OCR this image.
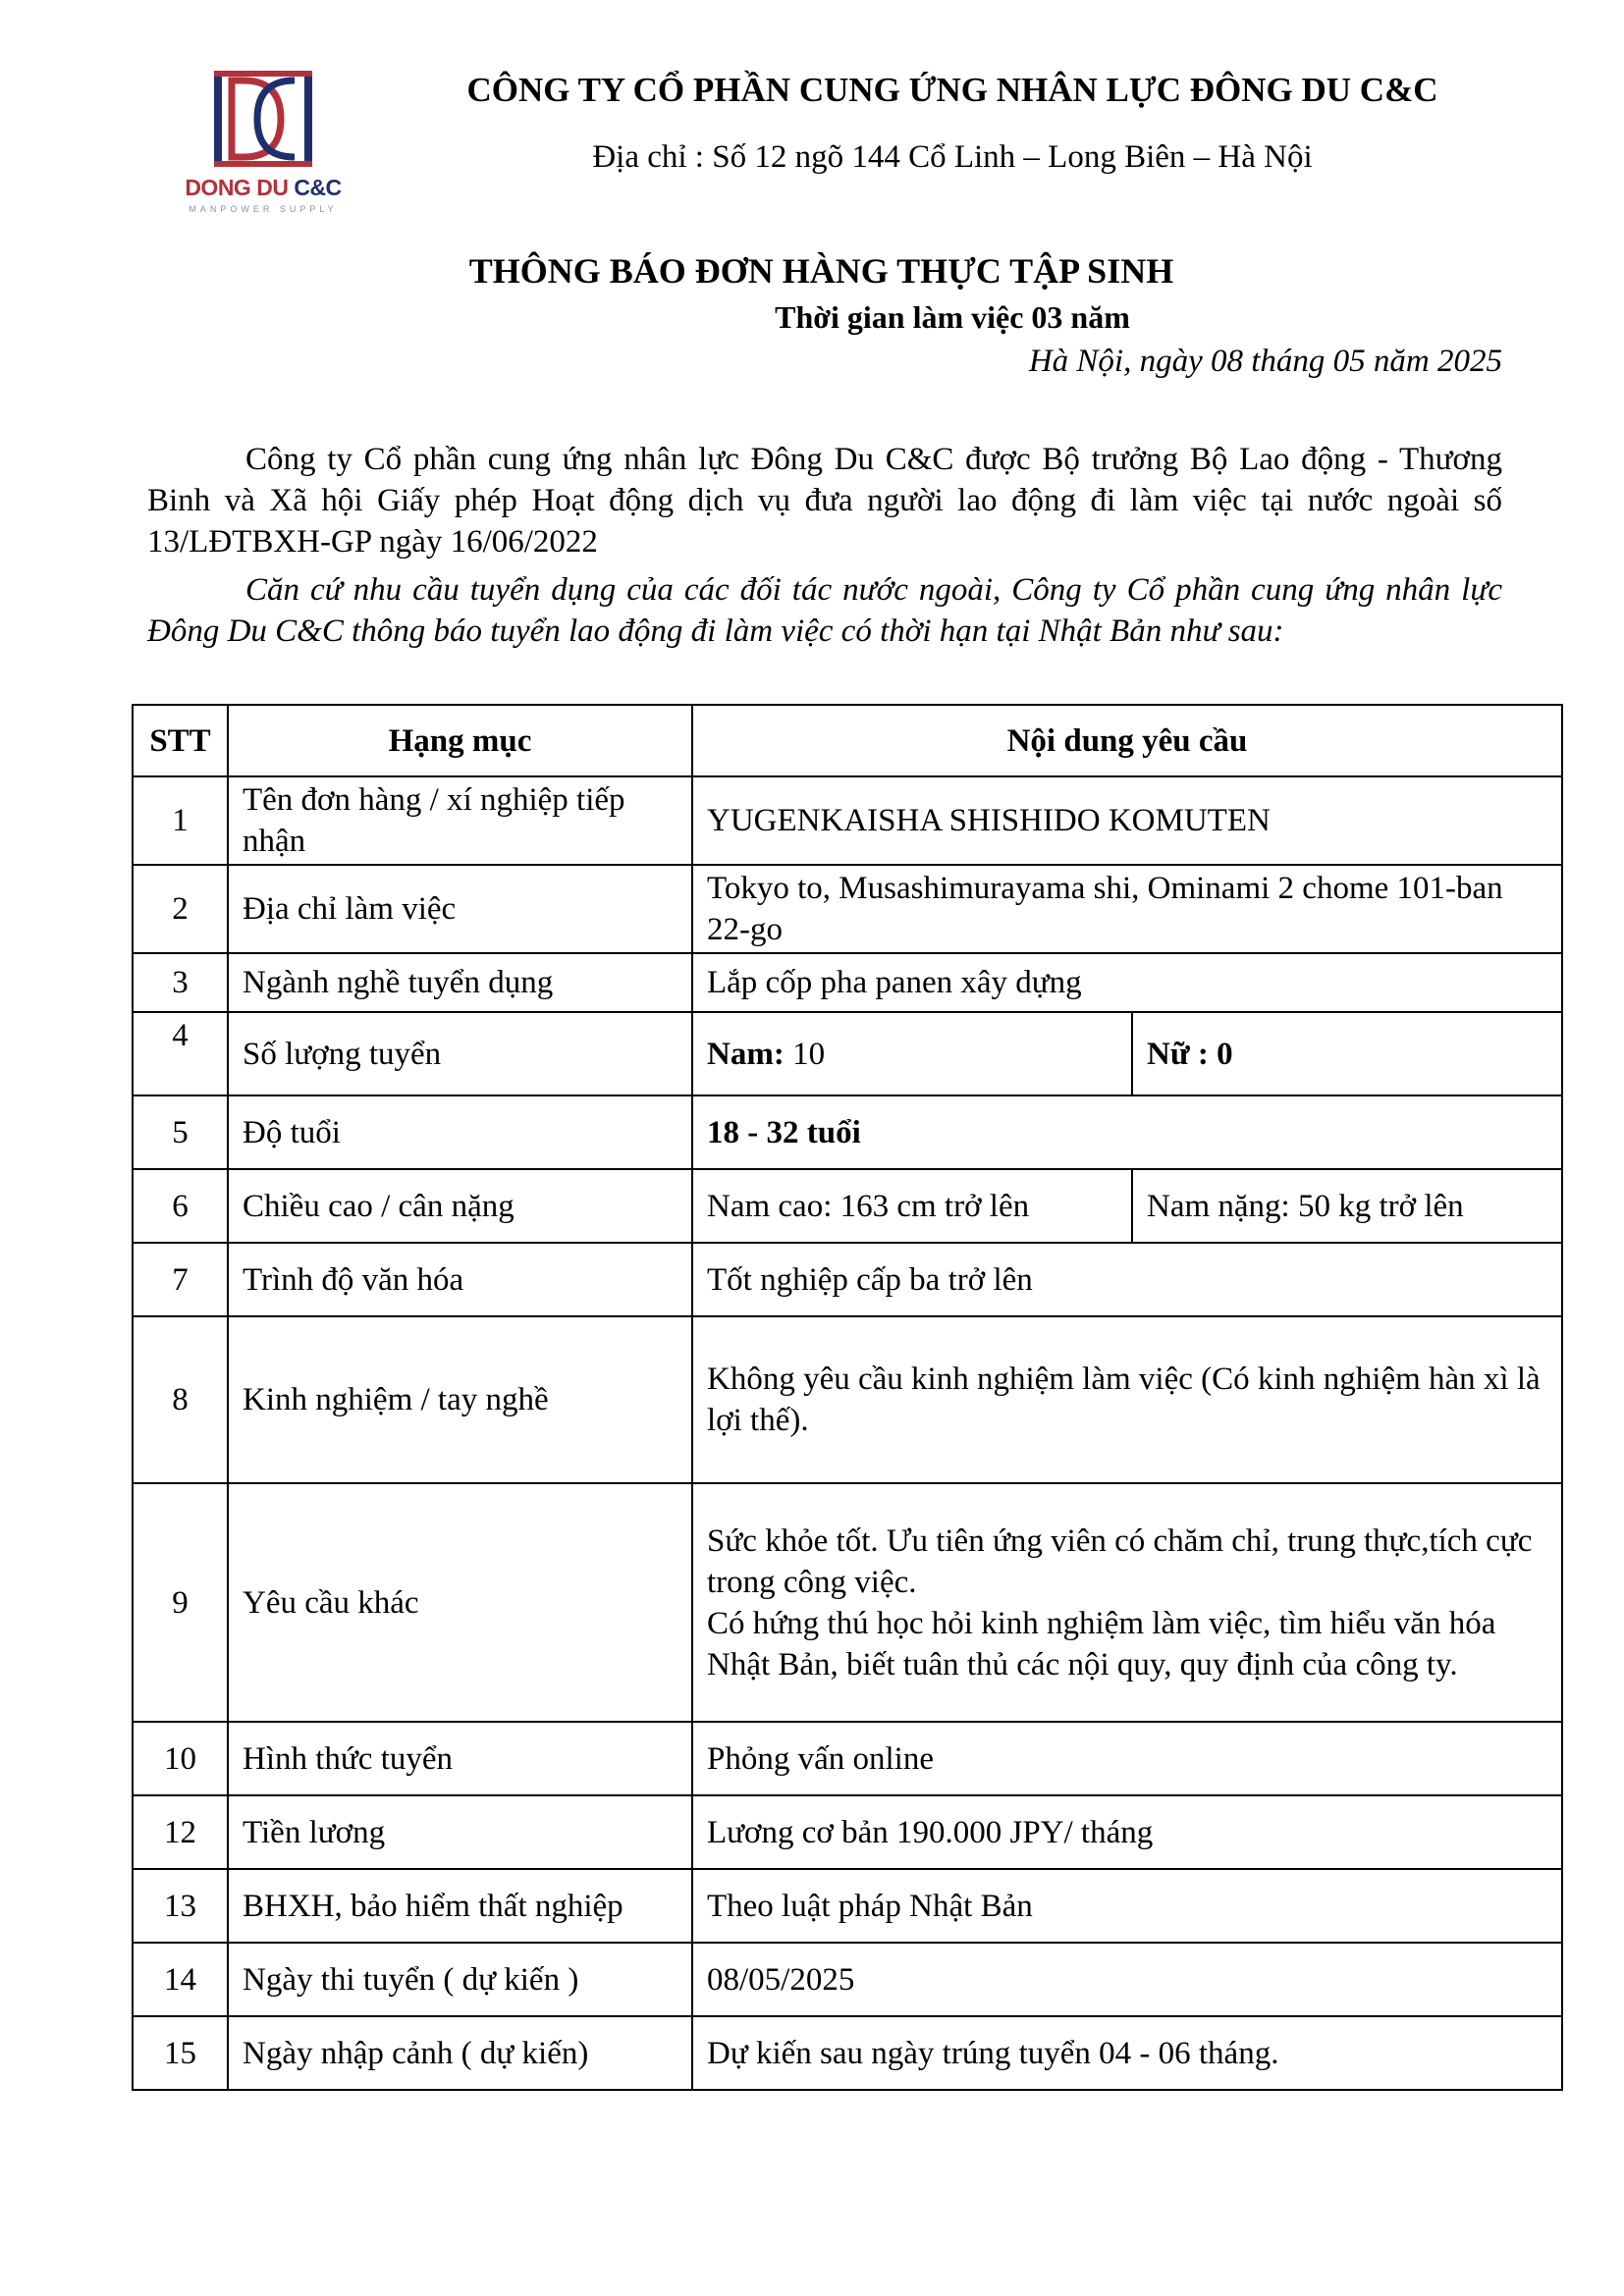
DONG DU C&C
MANPOWER SUPPLY
CÔNG TY CỔ PHẦN CUNG ỨNG NHÂN LỰC ĐÔNG DU C&C
Địa chỉ : Số 12 ngõ 144 Cổ Linh – Long Biên – Hà Nội
THÔNG BÁO ĐƠN HÀNG THỰC TẬP SINH
Thời gian làm việc 03 năm
Hà Nội, ngày 08 tháng 05 năm 2025
Công ty Cổ phần cung ứng nhân lực Đông Du C&C được Bộ trưởng Bộ Lao động - Thương Binh và Xã hội Giấy phép Hoạt động dịch vụ đưa người lao động đi làm việc tại nước ngoài số 13/LĐTBXH-GP ngày 16/06/2022
Căn cứ nhu cầu tuyển dụng của các đối tác nước ngoài, Công ty Cổ phần cung ứng nhân lực Đông Du C&C thông báo tuyển lao động đi làm việc có thời hạn tại Nhật Bản như sau:
STT	Hạng mục	Nội dung yêu cầu	
1	Tên đơn hàng / xí nghiệp tiếp nhận	YUGENKAISHA SHISHIDO KOMUTEN	
2	Địa chỉ làm việc	Tokyo to, Musashimurayama shi, Ominami 2 chome 101-ban 22-go	
3	Ngành nghề tuyển dụng	Lắp cốp pha panen xây dựng	
4	Số lượng tuyển	Nam: 10	Nữ : 0
5	Độ tuổi	18 - 32 tuổi	
6	Chiều cao / cân nặng	Nam cao: 163 cm trở lên	Nam nặng: 50 kg trở lên
7	Trình độ văn hóa	Tốt nghiệp cấp ba trở lên	
8	Kinh nghiệm / tay nghề	Không yêu cầu kinh nghiệm làm việc (Có kinh nghiệm hàn xì là lợi thế).	
9	Yêu cầu khác	Sức khỏe tốt. Ưu tiên ứng viên có chăm chỉ, trung thực,tích cực trong công việc.
Có hứng thú học hỏi kinh nghiệm làm việc, tìm hiểu văn hóa Nhật Bản, biết tuân thủ các nội quy, quy định của công ty.	

10	Hình thức tuyển	Phỏng vấn online	
12	Tiền lương	Lương cơ bản 190.000 JPY/ tháng	
13	BHXH, bảo hiểm thất nghiệp	Theo luật pháp Nhật Bản	
14	Ngày thi tuyển ( dự kiến )	08/05/2025	
15	Ngày nhập cảnh ( dự kiến)	Dự kiến sau ngày trúng tuyển 04 - 06 tháng.	
